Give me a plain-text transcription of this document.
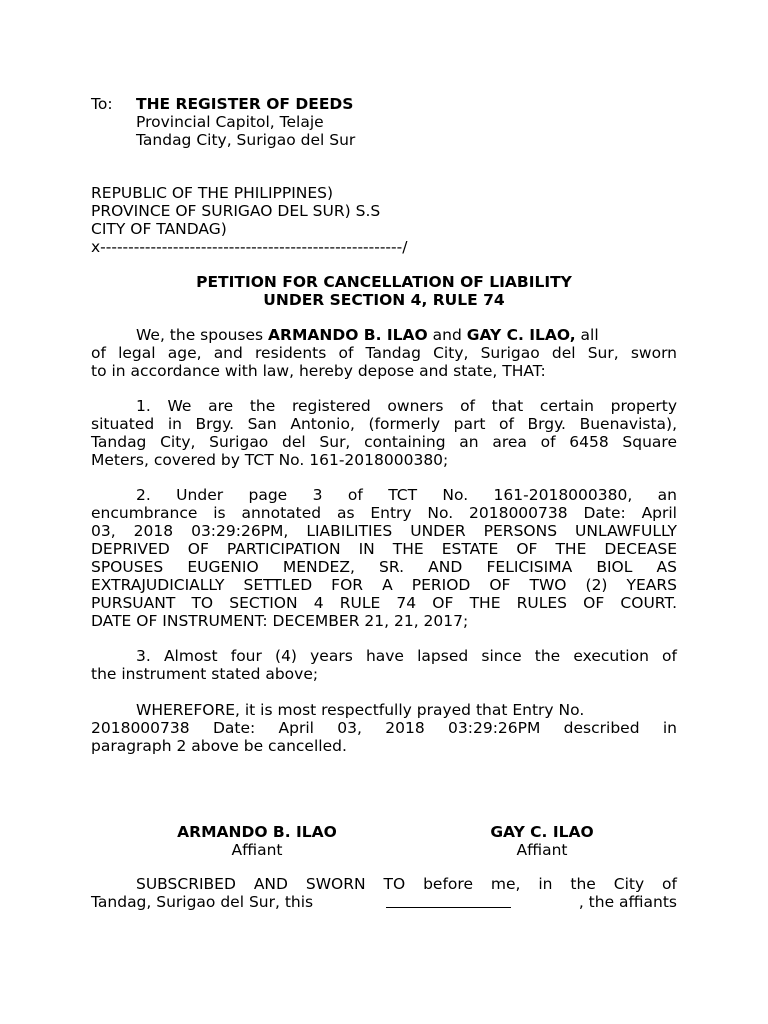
To: THE REGISTER OF DEEDS
Provincial Capitol, Telaje
Tandag City, Surigao del Sur
REPUBLIC OF THE PHILIPPINES)
PROVINCE OF SURIGAO DEL SUR) S.S
CITY OF TANDAG)
x------------------------------------------------------/
PETITION FOR CANCELLATION OF LIABILITY
UNDER SECTION 4, RULE 74
We, the spouses ARMANDO B. ILAO and GAY C. ILAO, all
of legal age, and residents of Tandag City, Surigao del Sur, sworn
to in accordance with law, hereby depose and state, THAT:
1. We are the registered owners of that certain property
situated in Brgy. San Antonio, (formerly part of Brgy. Buenavista),
Tandag City, Surigao del Sur, containing an area of 6458 Square
Meters, covered by TCT No. 161-2018000380;
2. Under page 3 of TCT No. 161-2018000380, an
encumbrance is annotated as Entry No. 2018000738 Date: April
03, 2018 03:29:26PM, LIABILITIES UNDER PERSONS UNLAWFULLY
DEPRIVED OF PARTICIPATION IN THE ESTATE OF THE DECEASE
SPOUSES EUGENIO MENDEZ, SR. AND FELICISIMA BIOL AS
EXTRAJUDICIALLY SETTLED FOR A PERIOD OF TWO (2) YEARS
PURSUANT TO SECTION 4 RULE 74 OF THE RULES OF COURT.
DATE OF INSTRUMENT: DECEMBER 21, 21, 2017;
3. Almost four (4) years have lapsed since the execution of
the instrument stated above;
WHEREFORE, it is most respectfully prayed that Entry No.
2018000738 Date: April 03, 2018 03:29:26PM described in
paragraph 2 above be cancelled.
ARMANDO B. ILAO
Affiant
GAY C. ILAO
Affiant
SUBSCRIBED AND SWORN TO before me, in the City of
Tandag, Surigao del Sur, this	, the affiants
